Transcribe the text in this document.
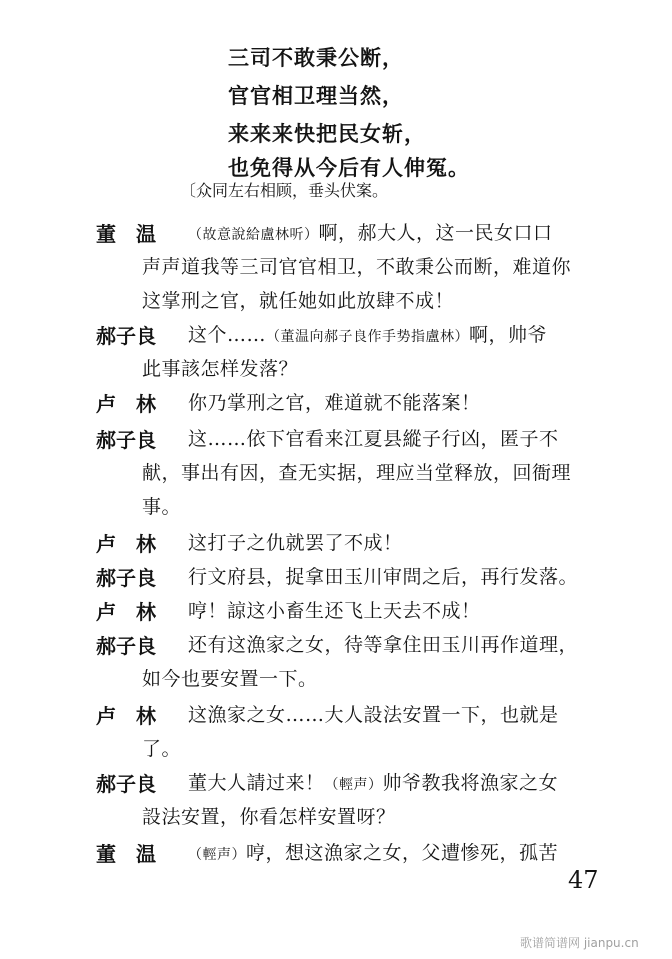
三司不敢秉公断，
官官相卫理当然，
来来来快把民女斩，
也免得从今后有人伸冤。
〔众同左右相顾，垂头伏案。
董　温 （故意說給盧林听）啊，郝大人，这一民女口口
声声道我等三司官官相卫，不敢秉公而断，难道你
这掌刑之官，就任她如此放肆不成！
郝子良 这个……（董温向郝子良作手势指盧林）啊，帅爷
此事該怎样发落？
卢　林 你乃掌刑之官，难道就不能落案！
郝子良 这……依下官看来江夏县縱子行凶，匿子不
献，事出有因，查无实据，理应当堂释放，回衙理
事。
卢　林 这打子之仇就罢了不成！
郝子良 行文府县，捉拿田玉川审問之后，再行发落。
卢　林 哼！諒这小畜生还飞上天去不成！
郝子良 还有这漁家之女，待等拿住田玉川再作道理，
如今也要安置一下。
卢　林 这漁家之女……大人設法安置一下，也就是
了。
郝子良 董大人請过来！（輕声）帅爷教我将漁家之女
設法安置，你看怎样安置呀？
董　温 （輕声）哼，想这漁家之女，父遭惨死，孤苦
47
歌谱简谱网 jianpu.cn
